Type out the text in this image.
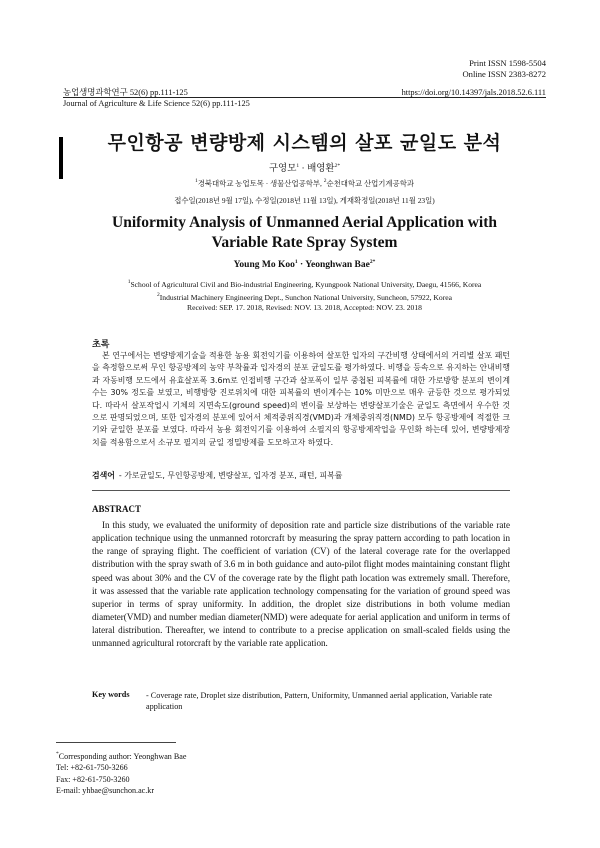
Print ISSN 1598-5504
Online ISSN 2383-8272
농업생명과학연구 52(6) pp.111-125
Journal of Agriculture & Life Science 52(6) pp.111-125
https://doi.org/10.14397/jals.2018.52.6.111
무인항공 변량방제 시스템의 살포 균일도 분석
구영모$^1$ · 배영환$^{2*}$
$^1$경북대학교 농업토목 · 생물산업공학부, $^2$순천대학교 산업기계공학과
접수일(2018년 9월 17일), 수정일(2018년 11월 13일), 게재확정일(2018년 11월 23일)
Uniformity Analysis of Unmanned Aerial Application with
Variable Rate Spray System
Young Mo Koo$^1$ · Yeonghwan Bae$^{2*}$
$^1$School of Agricultural Civil and Bio-industrial Engineering, Kyungpook National University, Daegu, 41566, Korea
$^2$Industrial Machinery Engineering Dept., Sunchon National University, Suncheon, 57922, Korea
Received: SEP. 17. 2018, Revised: NOV. 13. 2018, Accepted: NOV. 23. 2018
초록
본 연구에서는 변량방제기술을 적용한 농용 회전익기를 이용하여 살포한 입자의 구간비행 상태에서의 거리별 살포 패턴을 측정함으로써 무인 항공방제의 농약 부착률과 입자경의 분포 균일도를 평가하였다. 비행을 등속으로 유지하는 안내비행과 자동비행 모드에서 유효살포폭 3.6m로 인접비행 구간과 살포폭이 일부 중첩된 피복률에 대한 가로방향 분포의 변이계수는 30% 정도를 보였고, 비행방향 진로위치에 대한 피복률의 변이계수는 10% 미만으로 매우 균등한 것으로 평가되었다. 따라서 살포작업시 기체의 지면속도(ground speed)의 변이를 보상하는 변량살포기술은 균일도 측면에서 우수한 것으로 판명되었으며, 또한 입자경의 분포에 있어서 체적중위직경(VMD)과 개체중위직경(NMD) 모두 항공방제에 적절한 크기와 균일한 분포를 보였다. 따라서 농용 회전익기를 이용하여 소필지의 항공방제작업을 무인화 하는데 있어, 변량방제장치를 적용함으로서 소규모 필지의 균일 정밀방제를 도모하고자 하였다.
검색어 - 가로균일도, 무인항공방제, 변량살포, 입자경 분포, 패턴, 피복률
ABSTRACT
In this study, we evaluated the uniformity of deposition rate and particle size distributions of the variable rate application technique using the unmanned rotorcraft by measuring the spray pattern according to path location in the range of spraying flight. The coefficient of variation (CV) of the lateral coverage rate for the overlapped distribution with the spray swath of 3.6 m in both guidance and auto-pilot flight modes maintaining constant flight speed was about 30% and the CV of the coverage rate by the flight path location was extremely small. Therefore, it was assessed that the variable rate application technology compensating for the variation of ground speed was superior in terms of spray uniformity. In addition, the droplet size distributions in both volume median diameter(VMD) and number median diameter(NMD) were adequate for aerial application and uniform in terms of lateral distribution. Thereafter, we intend to contribute to a precise application on small-scaled fields using the unmanned agricultural rotorcraft by the variable rate application.
Key words - Coverage rate, Droplet size distribution, Pattern, Uniformity, Unmanned aerial application, Variable rate application
*Corresponding author: Yeonghwan Bae
Tel: +82-61-750-3266
Fax: +82-61-750-3260
E-mail: yhbae@sunchon.ac.kr
